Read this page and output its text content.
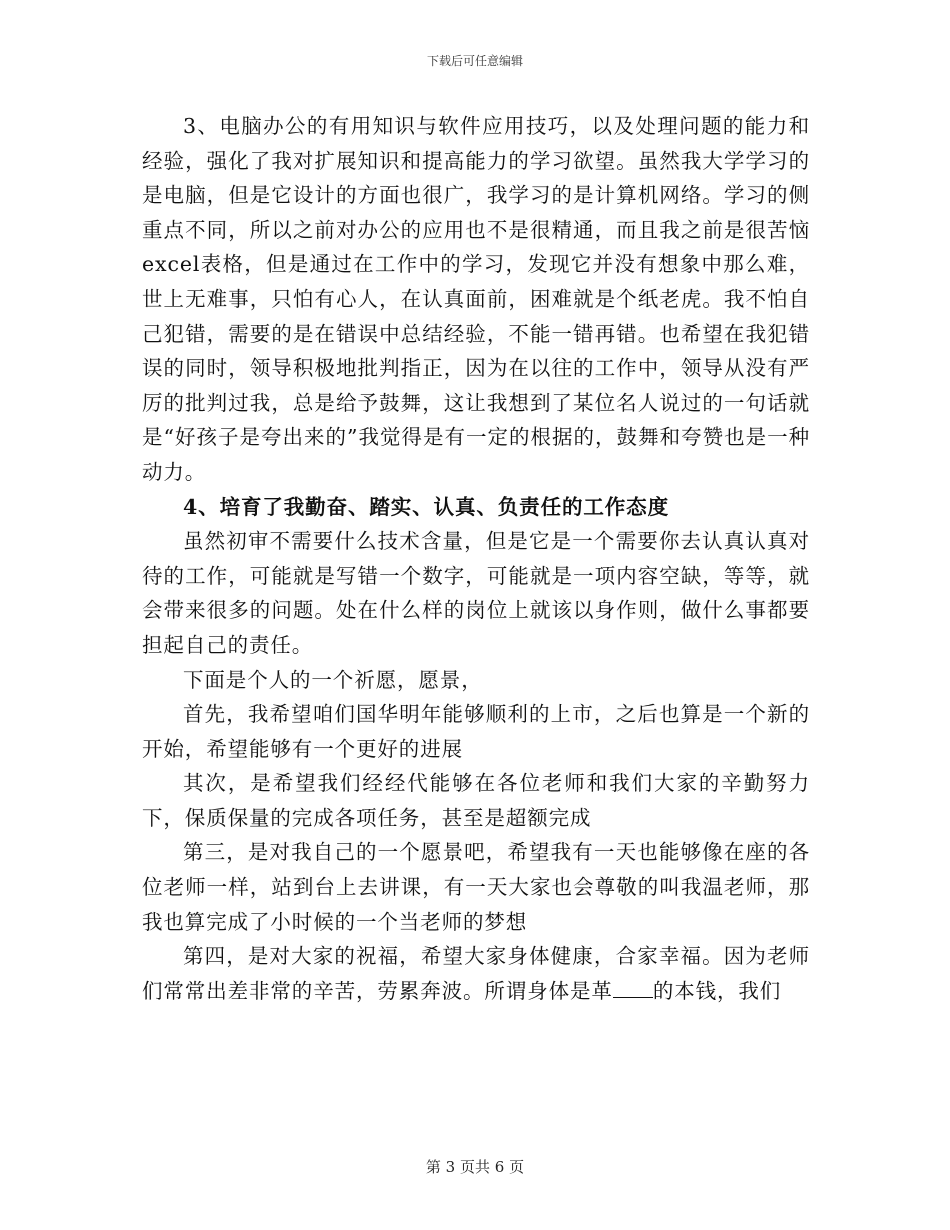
下载后可任意编辑

3、电脑办公的有用知识与软件应用技巧，以及处理问题的能力和经验，强化了我对扩展知识和提高能力的学习欲望。虽然我大学学习的是电脑，但是它设计的方面也很广，我学习的是计算机网络。学习的侧重点不同，所以之前对办公的应用也不是很精通，而且我之前是很苦恼excel表格，但是通过在工作中的学习，发现它并没有想象中那么难，世上无难事，只怕有心人，在认真面前，困难就是个纸老虎。我不怕自己犯错，需要的是在错误中总结经验，不能一错再错。也希望在我犯错误的同时，领导积极地批判指正，因为在以往的工作中，领导从没有严厉的批判过我，总是给予鼓舞，这让我想到了某位名人说过的一句话就是“好孩子是夸出来的”我觉得是有一定的根据的，鼓舞和夸赞也是一种动力。

4、培育了我勤奋、踏实、认真、负责任的工作态度

虽然初审不需要什么技术含量，但是它是一个需要你去认真认真对待的工作，可能就是写错一个数字，可能就是一项内容空缺，等等，就会带来很多的问题。处在什么样的岗位上就该以身作则，做什么事都要担起自己的责任。

下面是个人的一个祈愿，愿景，

首先，我希望咱们国华明年能够顺利的上市，之后也算是一个新的开始，希望能够有一个更好的进展

其次，是希望我们经经代能够在各位老师和我们大家的辛勤努力下，保质保量的完成各项任务，甚至是超额完成

第三，是对我自己的一个愿景吧，希望我有一天也能够像在座的各位老师一样，站到台上去讲课，有一天大家也会尊敬的叫我温老师，那我也算完成了小时候的一个当老师的梦想

第四，是对大家的祝福，希望大家身体健康，合家幸福。因为老师们常常出差非常的辛苦，劳累奔波。所谓身体是革 的本钱，我们

第 3 页共 6 页
